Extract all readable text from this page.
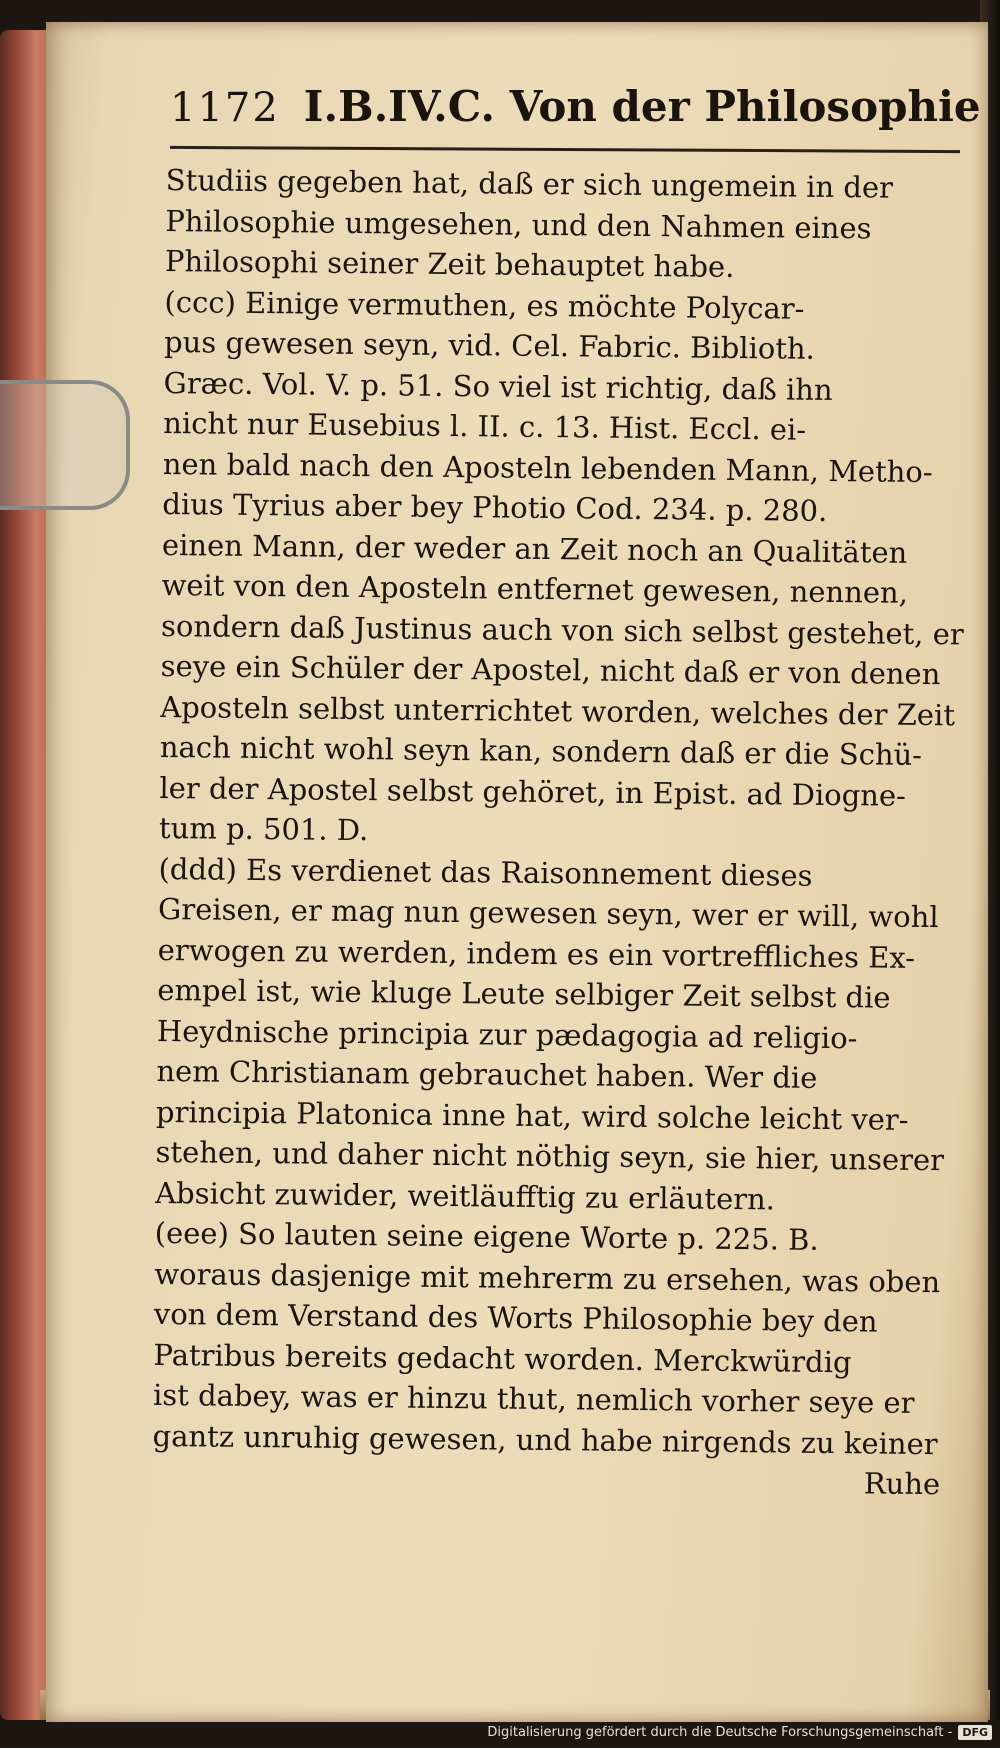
1172 I.B.IV.C. Von der Philosophie
Studiis gegeben hat, daß er sich ungemein in der
Philosophie umgesehen, und den Nahmen eines
Philosophi seiner Zeit behauptet habe.
(ccc) Einige vermuthen, es möchte Polycar-
pus gewesen seyn, vid. Cel. Fabric. Biblioth.
Græc. Vol. V. p. 51. So viel ist richtig, daß ihn
nicht nur Eusebius l. II. c. 13. Hist. Eccl. ei-
nen bald nach den Aposteln lebenden Mann, Metho-
dius Tyrius aber bey Photio Cod. 234. p. 280.
einen Mann, der weder an Zeit noch an Qualitäten
weit von den Aposteln entfernet gewesen, nennen,
sondern daß Justinus auch von sich selbst gestehet, er
seye ein Schüler der Apostel, nicht daß er von denen
Aposteln selbst unterrichtet worden, welches der Zeit
nach nicht wohl seyn kan, sondern daß er die Schü-
ler der Apostel selbst gehöret, in Epist. ad Diogne-
tum p. 501. D.
(ddd) Es verdienet das Raisonnement dieses
Greisen, er mag nun gewesen seyn, wer er will, wohl
erwogen zu werden, indem es ein vortreffliches Ex-
empel ist, wie kluge Leute selbiger Zeit selbst die
Heydnische principia zur pædagogia ad religio-
nem Christianam gebrauchet haben. Wer die
principia Platonica inne hat, wird solche leicht ver-
stehen, und daher nicht nöthig seyn, sie hier, unserer
Absicht zuwider, weitläufftig zu erläutern.
(eee) So lauten seine eigene Worte p. 225. B.
woraus dasjenige mit mehrerm zu ersehen, was oben
von dem Verstand des Worts Philosophie bey den
Patribus bereits gedacht worden. Merckwürdig
ist dabey, was er hinzu thut, nemlich vorher seye er
gantz unruhig gewesen, und habe nirgends zu keiner
Ruhe
Digitalisierung gefördert durch die Deutsche Forschungsgemeinschaft - DFG
